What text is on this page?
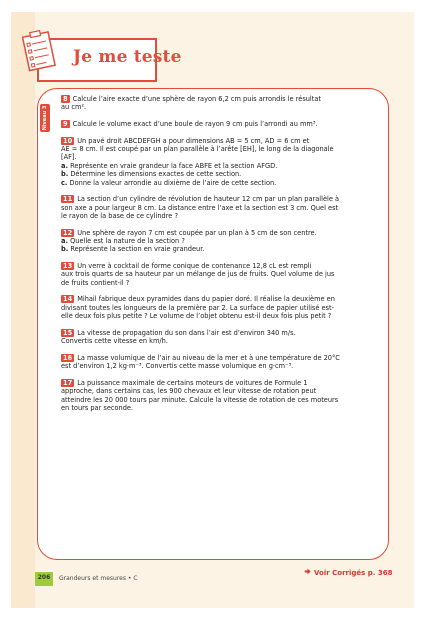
Je me teste
Niveau 3
8 Calcule l’aire exacte d’une sphère de rayon 6,2 cm puis arrondis le résultat
au cm².
9 Calcule le volume exact d’une boule de rayon 9 cm puis l’arrondi au mm³.
10 Un pavé droit ABCDEFGH a pour dimensions AB = 5 cm, AD = 6 cm et
AE = 8 cm. Il est coupé par un plan parallèle à l’arête [EH], le long de la diagonale
[AF].
a. Représente en vraie grandeur la face ABFE et la section AFGD.
b. Détermine les dimensions exactes de cette section.
c. Donne la valeur arrondie au dixième de l’aire de cette section.
11 La section d’un cylindre de révolution de hauteur 12 cm par un plan parallèle à
son axe a pour largeur 8 cm. La distance entre l’axe et la section est 3 cm. Quel est
le rayon de la base de ce cylindre ?
12 Une sphère de rayon 7 cm est coupée par un plan à 5 cm de son centre.
a. Quelle est la nature de la section ?
b. Représente la section en vraie grandeur.
13 Un verre à cocktail de forme conique de contenance 12,8 cL est rempli
aux trois quarts de sa hauteur par un mélange de jus de fruits. Quel volume de jus
de fruits contient-il ?
14 Mihail fabrique deux pyramides dans du papier doré. Il réalise la deuxième en
divisant toutes les longueurs de la première par 2. La surface de papier utilisé est-
elle deux fois plus petite ? Le volume de l’objet obtenu est-il deux fois plus petit ?
15 La vitesse de propagation du son dans l’air est d’environ 340 m/s.
Convertis cette vitesse en km/h.
16 La masse volumique de l’air au niveau de la mer et à une température de 20°C
est d’environ 1,2 kg·m⁻³. Convertis cette masse volumique en g·cm⁻³.
17 La puissance maximale de certains moteurs de voitures de Formule 1
approche, dans certains cas, les 900 chevaux et leur vitesse de rotation peut
atteindre les 20 000 tours par minute. Calcule la vitesse de rotation de ces moteurs
en tours par seconde.
Voir Corrigés p. 368
206	Grandeurs et mesures • C
